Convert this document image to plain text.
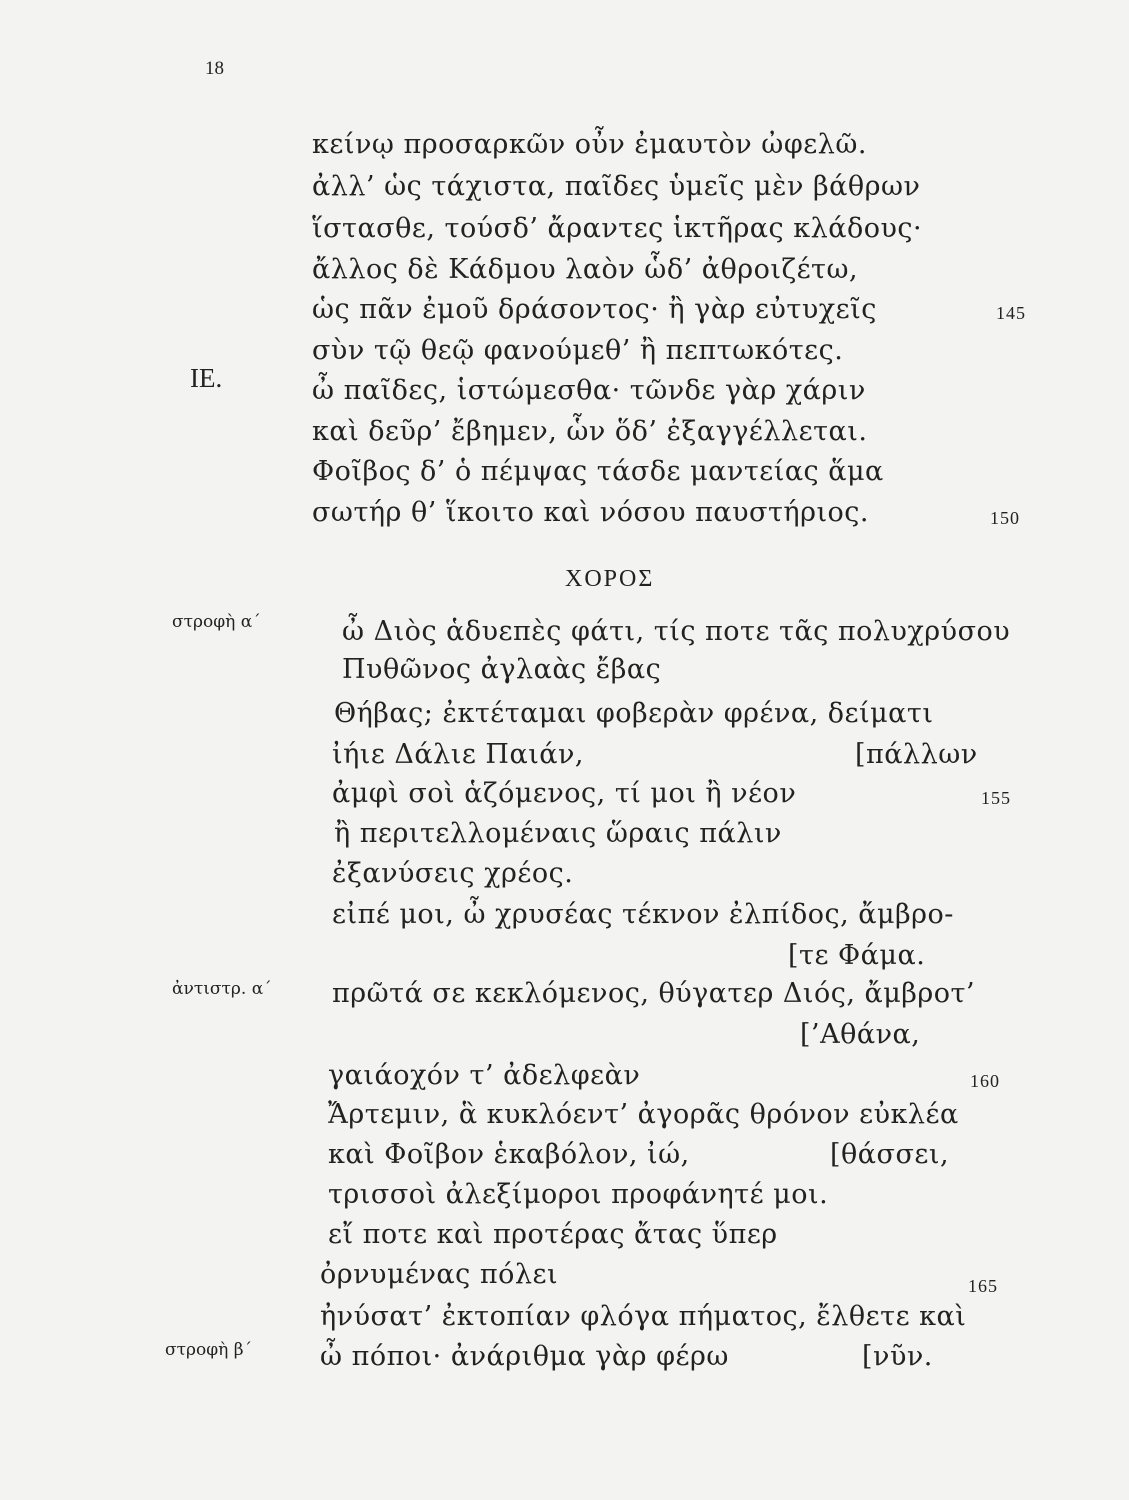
18
κείνῳ προσαρκῶν οὖν ἐμαυτὸν ὠφελῶ.
ἀλλ’ ὡς τάχιστα, παῖδες ὑμεῖς μὲν βάθρων
ἵστασθε, τούσδ’ ἄραντες ἱκτῆρας κλάδους·
ἄλλος δὲ Κάδμου λαὸν ὧδ’ ἀθροιζέτω,
ὡς πᾶν ἐμοῦ δράσοντος· ἢ γὰρ εὐτυχεῖς	145
σὺν τῷ θεῷ φανούμεθ’ ἢ πεπτωκότες.
ΙΕ.	ὦ παῖδες, ἱστώμεσθα· τῶνδε γὰρ χάριν
καὶ δεῦρ’ ἔβημεν, ὧν ὅδ’ ἐξαγγέλλεται.
Φοῖβος δ’ ὁ πέμψας τάσδε μαντείας ἅμα
σωτήρ θ’ ἵκοιτο καὶ νόσου παυστήριος.	150
ΧΟΡΟΣ
στροφὴ α΄	ὦ Διὸς ἁδυεπὲς φάτι, τίς ποτε τᾶς πολυχρύσου
Πυθῶνος ἀγλαὰς ἔβας
Θήβας; ἐκτέταμαι φοβερὰν φρένα, δείματι
ἰήιε Δάλιε Παιάν,	[πάλλων
ἀμφὶ σοὶ ἁζόμενος, τί μοι ἢ νέον	155
ἢ περιτελλομέναις ὥραις πάλιν
ἐξανύσεις χρέος.
εἰπέ μοι, ὦ χρυσέας τέκνον ἐλπίδος, ἄμβρο-
[τε Φάμα.
ἀντιστρ. α΄ πρῶτά σε κεκλόμενος, θύγατερ Διός, ἄμβροτ’
[’Αθάνα,
γαιάοχόν τ’ ἀδελφεὰν	160
Ἄρτεμιν, ἃ κυκλόεντ’ ἀγορᾶς θρόνον εὐκλέα
καὶ Φοῖβον ἑκαβόλον, ἰώ,	[θάσσει,
τρισσοὶ ἀλεξίμοροι προφάνητέ μοι.
εἴ ποτε καὶ προτέρας ἄτας ὕπερ
ὀρνυμένας πόλει	165
ἠνύσατ’ ἐκτοπίαν φλόγα πήματος, ἔλθετε καὶ
στροφὴ β΄	ὦ πόποι· ἀνάριθμα γὰρ φέρω	[νῦν.
